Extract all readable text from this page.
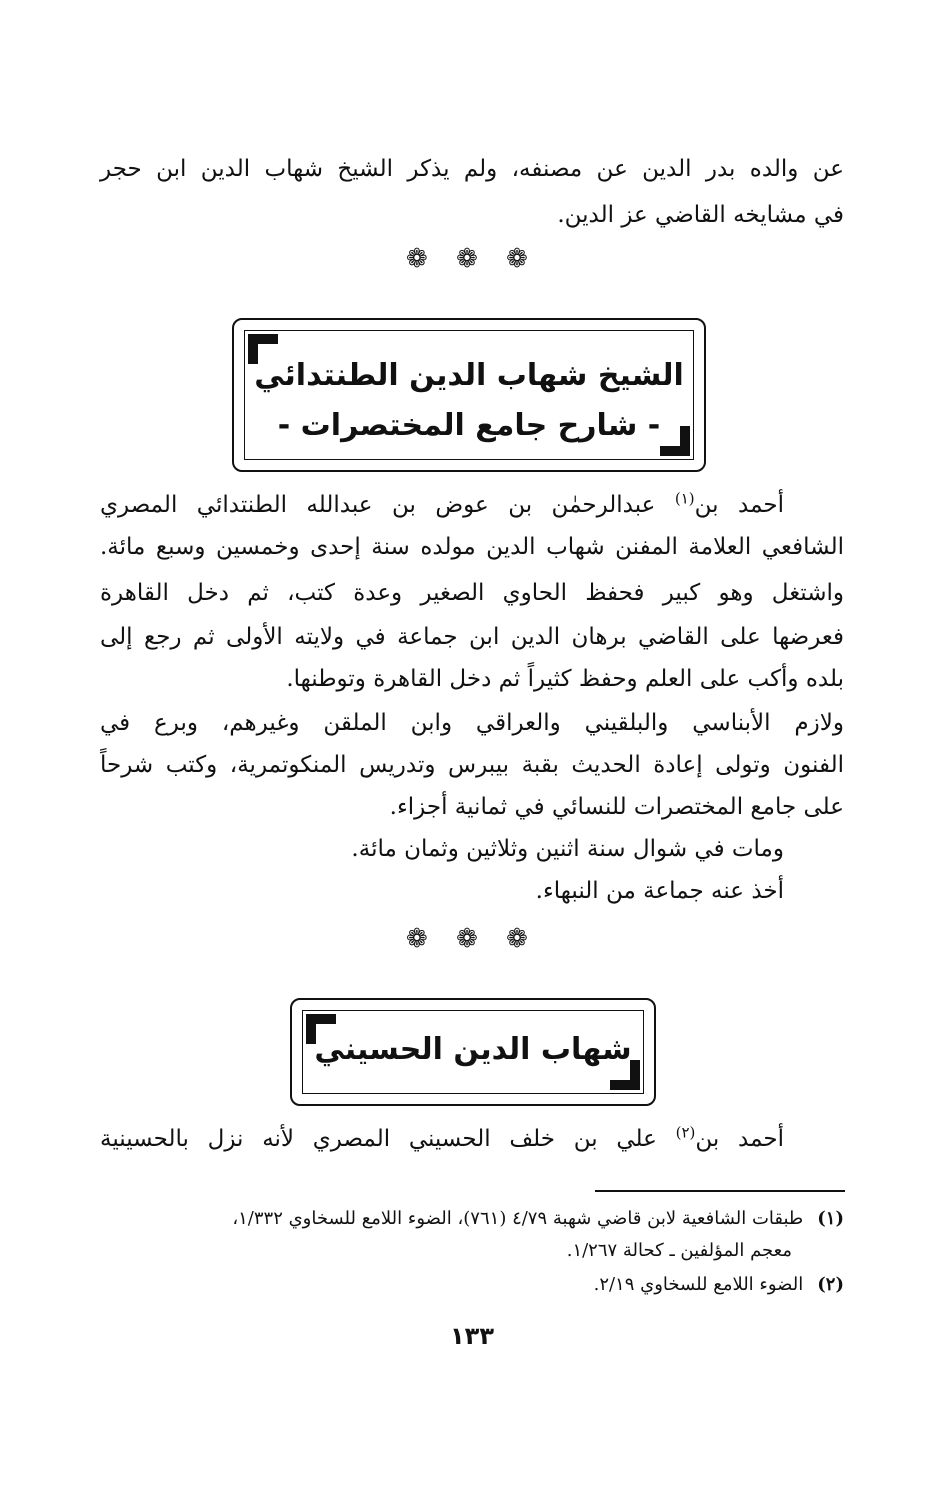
عن والده بدر الدين عن مصنفه، ولم يذكر الشيخ شهاب الدين ابن حجر
في مشايخه القاضي عز الدين.
❁ ❁ ❁
الشيخ شهاب الدين الطنتدائي
- شارح جامع المختصرات -
أحمد بن$^{(١)}$ عبدالرحمٰن بن عوض بن عبدالله الطنتدائي المصري
الشافعي العلامة المفنن شهاب الدين مولده سنة إحدى وخمسين وسبع مائة.
واشتغل وهو كبير فحفظ الحاوي الصغير وعدة كتب، ثم دخل القاهرة
فعرضها على القاضي برهان الدين ابن جماعة في ولايته الأولى ثم رجع إلى
بلده وأكب على العلم وحفظ كثيراً ثم دخل القاهرة وتوطنها.
ولازم الأبناسي والبلقيني والعراقي وابن الملقن وغيرهم، وبرع في
الفنون وتولى إعادة الحديث بقبة بيبرس وتدريس المنكوتمرية، وكتب شرحاً
على جامع المختصرات للنسائي في ثمانية أجزاء.
ومات في شوال سنة اثنين وثلاثين وثمان مائة.
أخذ عنه جماعة من النبهاء.
❁ ❁ ❁
شهاب الدين الحسيني
أحمد بن$^{(٢)}$ علي بن خلف الحسيني المصري لأنه نزل بالحسينية
(١)طبقات الشافعية لابن قاضي شهبة ٤/٧٩ (٧٦١)، الضوء اللامع للسخاوي ١/٣٣٢،
معجم المؤلفين ـ كحالة ١/٢٦٧.
(٢)الضوء اللامع للسخاوي ٢/١٩.
١٣٣
